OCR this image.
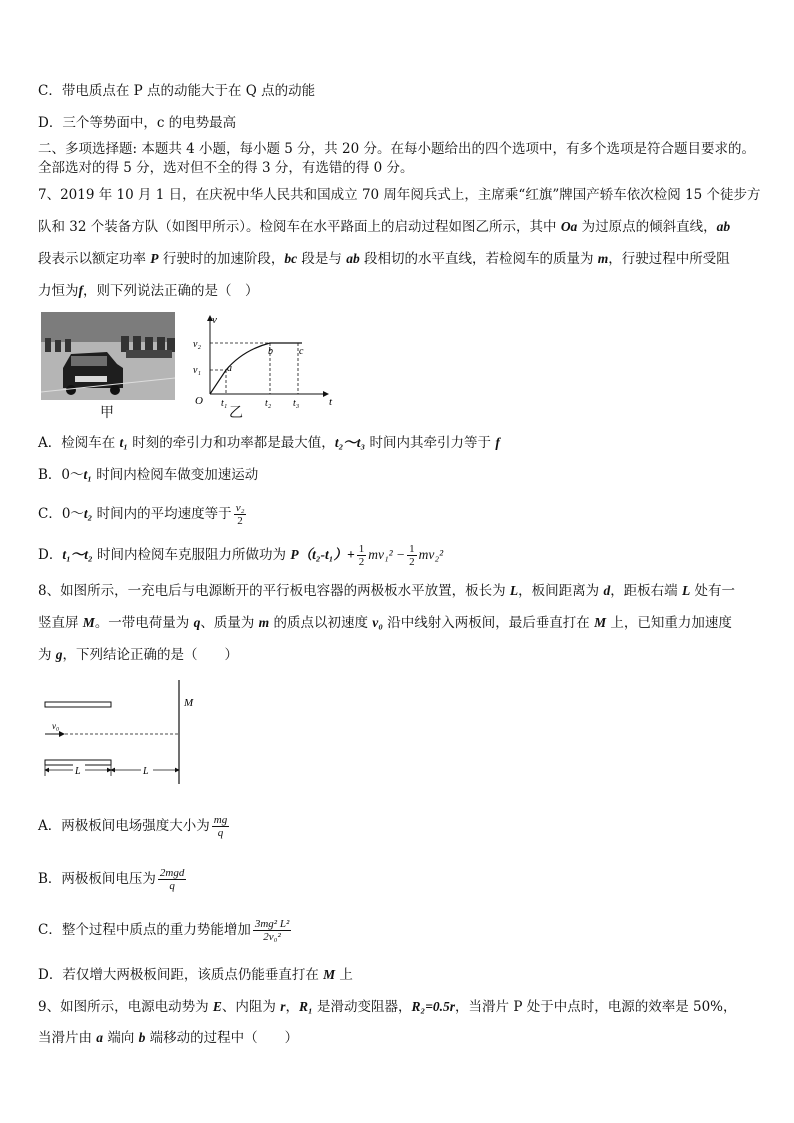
C．带电质点在 P 点的动能大于在 Q 点的动能
D．三个等势面中，c 的电势最高
二、多项选择题: 本题共 4 小题，每小题 5 分，共 20 分。在每小题给出的四个选项中，有多个选项是符合题目要求的。
全部选对的得 5 分，选对但不全的得 3 分，有选错的得 0 分。
7、2019 年 10 月 1 日，在庆祝中华人民共和国成立 70 周年阅兵式上，主席乘“红旗”牌国产轿车依次检阅 15 个徒步方
队和 32 个装备方队（如图甲所示）。检阅车在水平路面上的启动过程如图乙所示，其中 Oa 为过原点的倾斜直线，ab
段表示以额定功率 P 行驶时的加速阶段，bc 段是与 ab 段相切的水平直线，若检阅车的质量为 m，行驶过程中所受阻
力恒为f，则下列说法正确的是（　）
甲
v
t
O
v₂
v₁
t₁	t₂ t₃
a
b	c
乙
A．检阅车在 t₁ 时刻的牵引力和功率都是最大值，t₂～t₃ 时间内其牵引力等于 f
B．0～t₁ 时间内检阅车做变加速运动
C．0～t₂ 时间内的平均速度等于 $\frac{\text{v₂}}{2}$
D．t₁～t₂ 时间内检阅车克服阻力所做功为 $P(t_2-t_1)+ \frac{1}{2} mv_1^2 - \frac{1}{2} mv_2^2$
8、如图所示，一充电后与电源断开的平行板电容器的两极板水平放置，板长为 L，板间距离为 d，距板右端 L 处有一
竖直屏 M。一带电荷量为 q、质量为 m 的质点以初速度 v₀ 沿中线射入两板间，最后垂直打在 M 上，已知重力加速度
为 g，下列结论正确的是（　　）
M
v₀
L	L
A．两极板间电场强度大小为 $\frac{mg}{q}$
B．两极板间电压为 $\frac{\text{2mgd}}{q}$
C．整个过程中质点的重力势能增加 $\frac{\text{3mg² L²}}{\text{2v₀²}}$
D．若仅增大两极板间距，该质点仍能垂直打在 M 上
9、如图所示，电源电动势为 E、内阻为 r，R₁ 是滑动变阻器，R₂=0.5r，当滑片 P 处于中点时，电源的效率是 50%，
当滑片由 a 端向 b 端移动的过程中（　　）
